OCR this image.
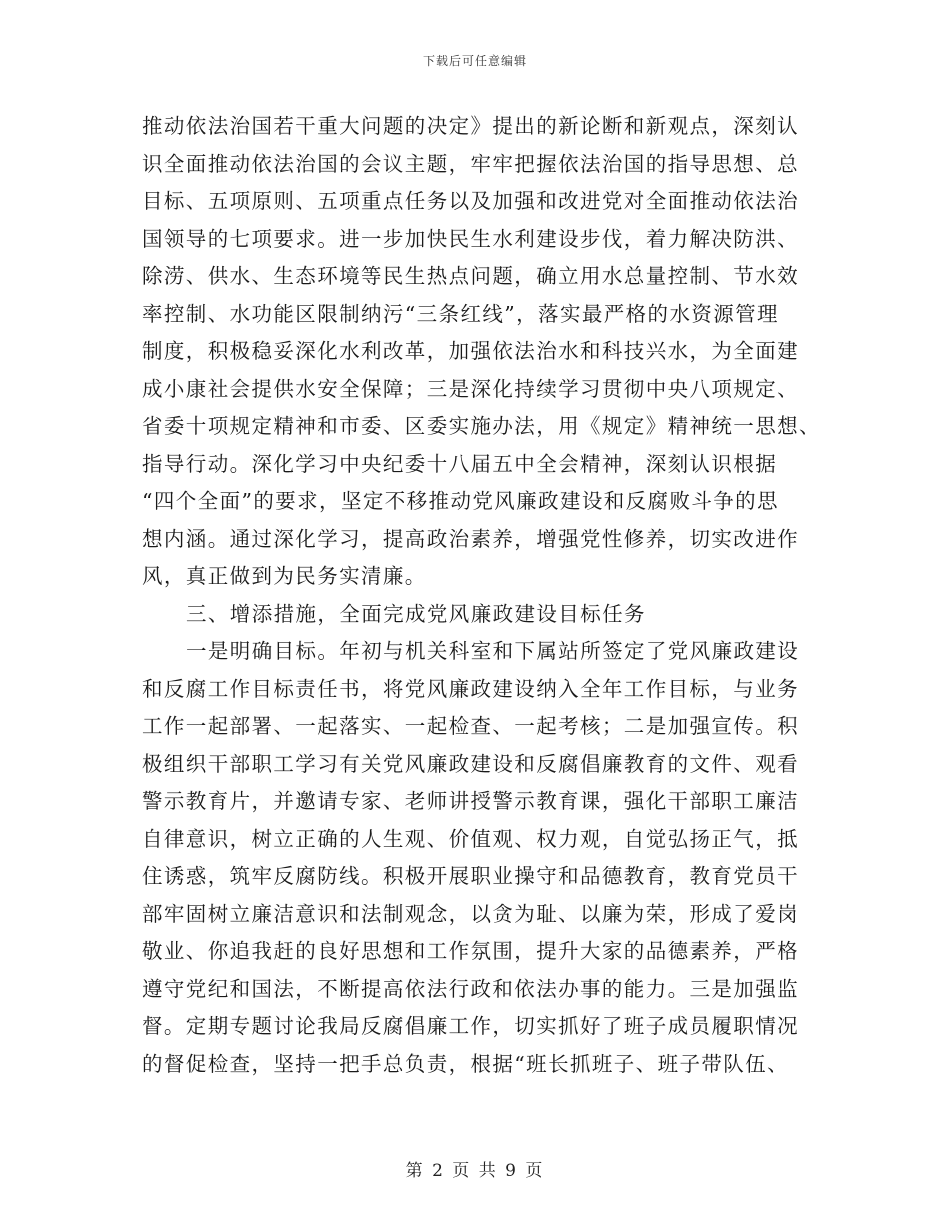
下载后可任意编辑
推动依法治国若干重大问题的决定》提出的新论断和新观点，深刻认
识全面推动依法治国的会议主题，牢牢把握依法治国的指导思想、总
目标、五项原则、五项重点任务以及加强和改进党对全面推动依法治
国领导的七项要求。进一步加快民生水利建设步伐，着力解决防洪、
除涝、供水、生态环境等民生热点问题，确立用水总量控制、节水效
率控制、水功能区限制纳污“三条红线”，落实最严格的水资源管理
制度，积极稳妥深化水利改革，加强依法治水和科技兴水，为全面建
成小康社会提供水安全保障；三是深化持续学习贯彻中央八项规定、
省委十项规定精神和市委、区委实施办法，用《规定》精神统一思想、
指导行动。深化学习中央纪委十八届五中全会精神，深刻认识根据
“四个全面”的要求，坚定不移推动党风廉政建设和反腐败斗争的思
想内涵。通过深化学习，提高政治素养，增强党性修养，切实改进作
风，真正做到为民务实清廉。
三、增添措施，全面完成党风廉政建设目标任务
一是明确目标。年初与机关科室和下属站所签定了党风廉政建设
和反腐工作目标责任书，将党风廉政建设纳入全年工作目标，与业务
工作一起部署、一起落实、一起检查、一起考核；二是加强宣传。积
极组织干部职工学习有关党风廉政建设和反腐倡廉教育的文件、观看
警示教育片，并邀请专家、老师讲授警示教育课，强化干部职工廉洁
自律意识，树立正确的人生观、价值观、权力观，自觉弘扬正气，抵
住诱惑，筑牢反腐防线。积极开展职业操守和品德教育，教育党员干
部牢固树立廉洁意识和法制观念，以贪为耻、以廉为荣，形成了爱岗
敬业、你追我赶的良好思想和工作氛围，提升大家的品德素养，严格
遵守党纪和国法，不断提高依法行政和依法办事的能力。三是加强监
督。定期专题讨论我局反腐倡廉工作，切实抓好了班子成员履职情况
的督促检查，坚持一把手总负责，根据“班长抓班子、班子带队伍、
第 2 页 共 9 页
